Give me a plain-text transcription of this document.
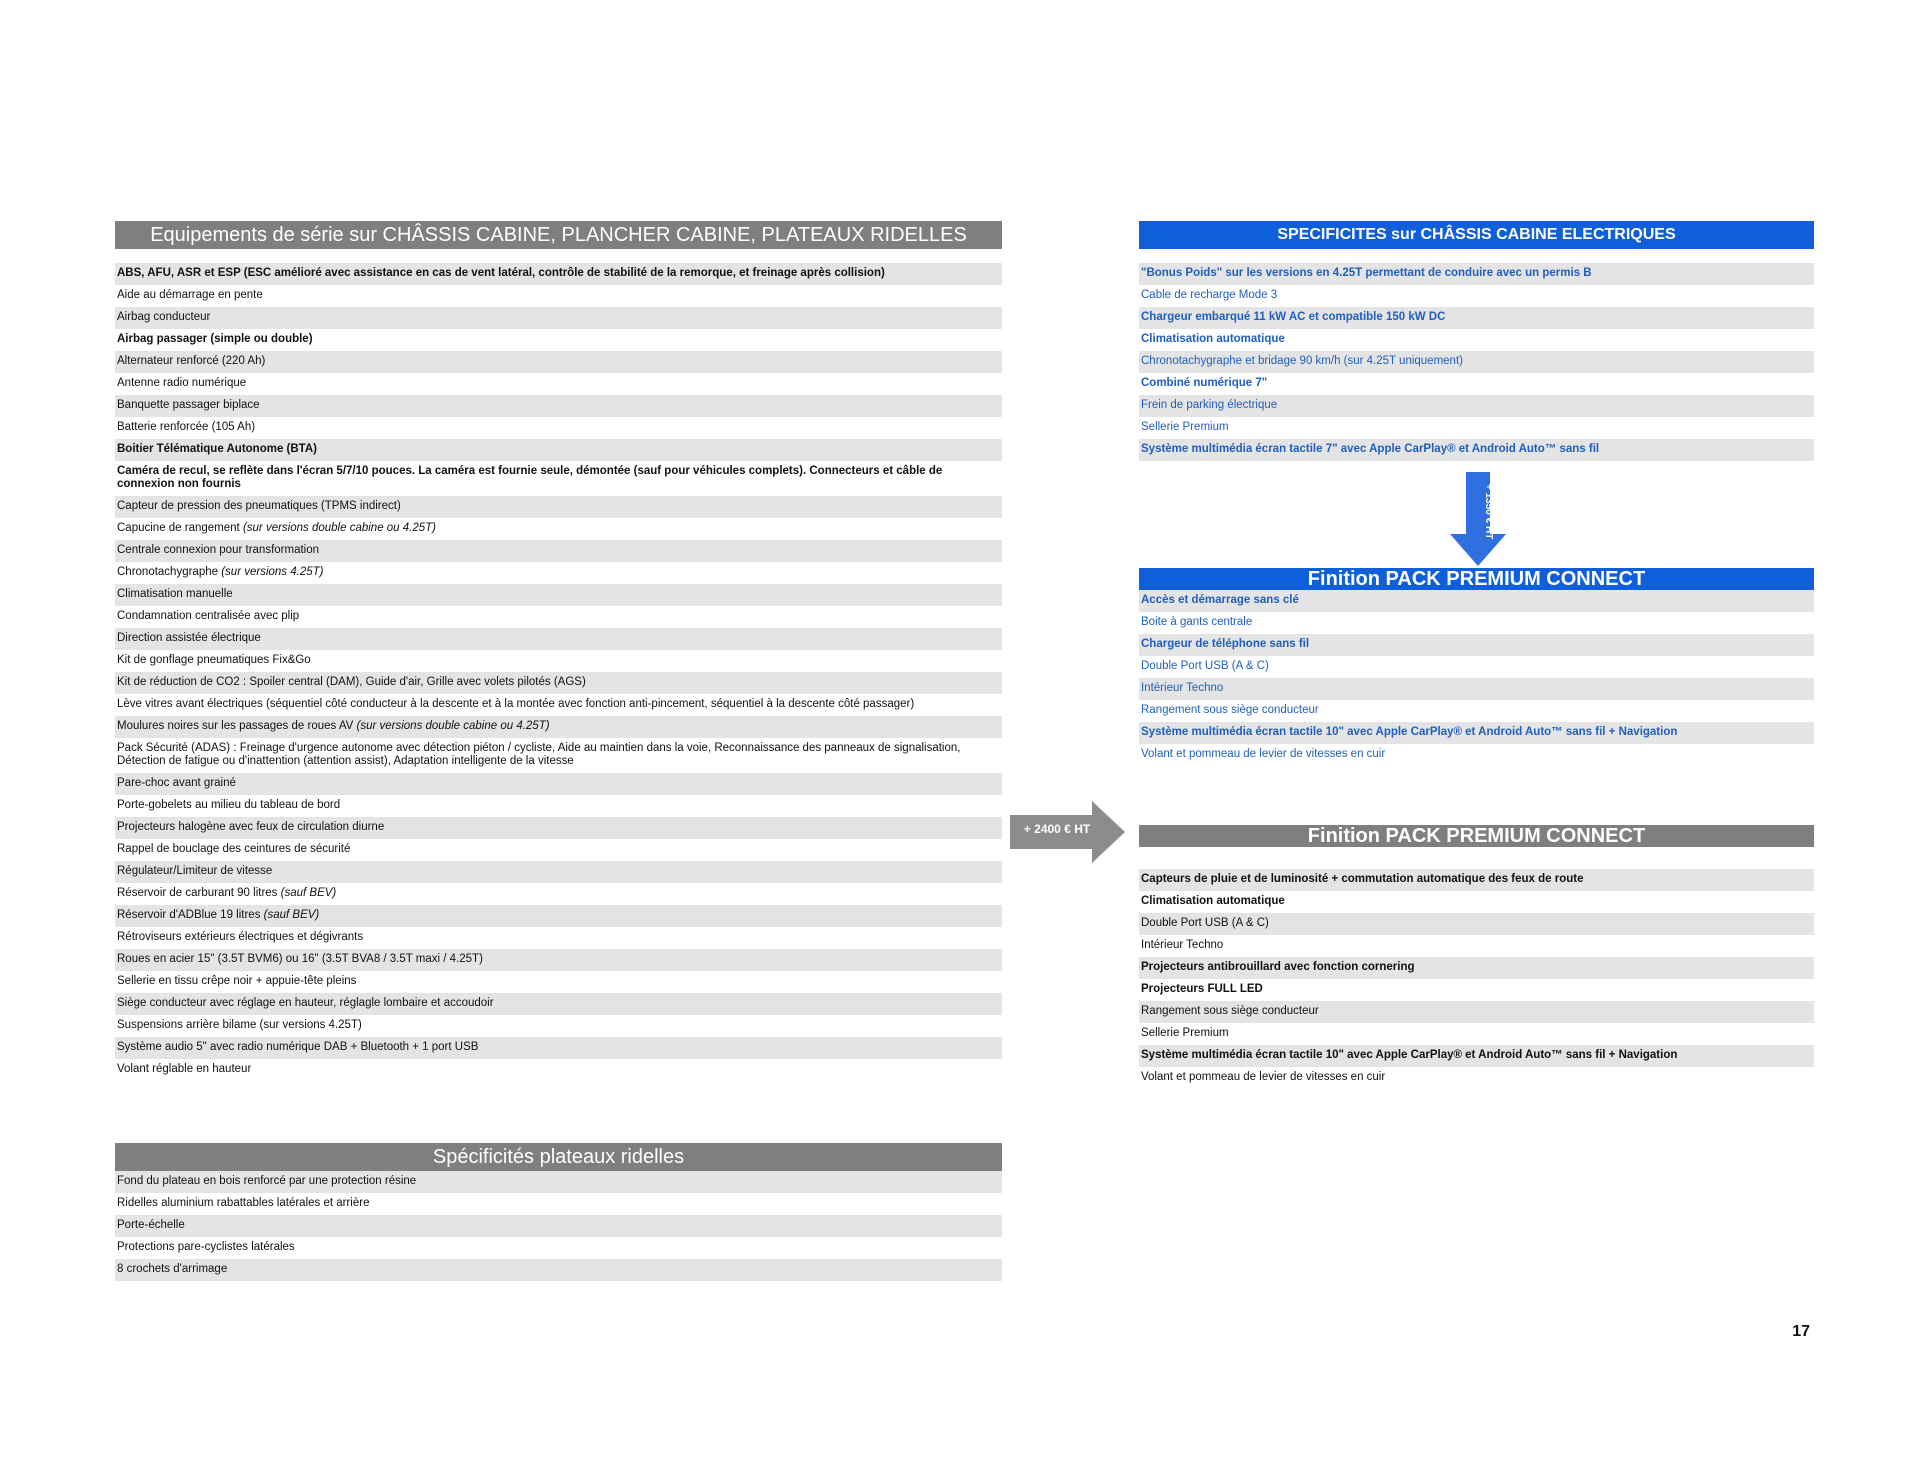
Equipements de série sur CHÂSSIS CABINE, PLANCHER CABINE, PLATEAUX RIDELLES
ABS, AFU, ASR et ESP (ESC amélioré avec assistance en cas de vent latéral, contrôle de stabilité de la remorque, et freinage après collision)
Aide au démarrage en pente
Airbag conducteur
Airbag passager (simple ou double)
Alternateur renforcé (220 Ah)
Antenne radio numérique
Banquette passager biplace
Batterie renforcée (105 Ah)
Boitier Télématique Autonome (BTA)
Caméra de recul, se reflète dans l'écran 5/7/10 pouces. La caméra est fournie seule, démontée (sauf pour véhicules complets). Connecteurs et câble de connexion non fournis
Capteur de pression des pneumatiques (TPMS indirect)
Capucine de rangement (sur versions double cabine ou 4.25T)
Centrale connexion pour transformation
Chronotachygraphe (sur versions 4.25T)
Climatisation manuelle
Condamnation centralisée avec plip
Direction assistée électrique
Kit de gonflage pneumatiques Fix&Go
Kit de réduction de CO2 : Spoiler central (DAM), Guide d'air, Grille avec volets pilotés (AGS)
Lève vitres avant électriques (séquentiel côté conducteur à la descente et à la montée avec fonction anti-pincement, séquentiel à la descente côté passager)
Moulures noires sur les passages de roues AV (sur versions double cabine ou 4.25T)
Pack Sécurité (ADAS) : Freinage d'urgence autonome avec détection piéton / cycliste, Aide au maintien dans la voie, Reconnaissance des panneaux de signalisation, Détection de fatigue ou d'inattention (attention assist), Adaptation intelligente de la vitesse
Pare-choc avant grainé
Porte-gobelets au milieu du tableau de bord
Projecteurs halogène avec feux de circulation diurne
Rappel de bouclage des ceintures de sécurité
Régulateur/Limiteur de vitesse
Réservoir de carburant 90 litres (sauf BEV)
Réservoir d'ADBlue 19 litres (sauf BEV)
Rétroviseurs extérieurs électriques et dégivrants
Roues en acier 15" (3.5T BVM6) ou 16" (3.5T BVA8 / 3.5T maxi / 4.25T)
Sellerie en tissu crêpe noir + appuie-tête pleins
Siège conducteur avec réglage en hauteur, réglagle lombaire et accoudoir
Suspensions arrière bilame (sur versions 4.25T)
Système audio 5" avec radio numérique DAB + Bluetooth + 1 port USB
Volant réglable en hauteur
Spécificités plateaux ridelles
Fond du plateau en bois renforcé par une protection résine
Ridelles aluminium rabattables latérales et arrière
Porte-échelle
Protections pare-cyclistes latérales
8 crochets d'arrimage
SPECIFICITES sur CHÂSSIS CABINE ELECTRIQUES
"Bonus Poids" sur les versions en 4.25T permettant de conduire avec un permis B
Cable de recharge Mode 3
Chargeur embarqué 11 kW AC et compatible 150 kW DC
Climatisation automatique
Chronotachygraphe et bridage 90 km/h (sur 4.25T uniquement)
Combiné numérique 7"
Frein de parking électrique
Sellerie Premium
Système multimédia écran tactile 7" avec Apple CarPlay® et Android Auto™ sans fil
+ 1350 € HT
Finition PACK PREMIUM CONNECT
Accès et démarrage sans clé
Boite à gants centrale
Chargeur de téléphone sans fil
Double Port USB (A & C)
Intérieur Techno
Rangement sous siège conducteur
Système multimédia écran tactile 10" avec Apple CarPlay® et Android Auto™ sans fil + Navigation
Volant et pommeau de levier de vitesses en cuir
+ 2400 € HT	Finition PACK PREMIUM CONNECT
Capteurs de pluie et de luminosité + commutation automatique des feux de route
Climatisation automatique
Double Port USB (A & C)
Intérieur Techno
Projecteurs antibrouillard avec fonction cornering
Projecteurs FULL LED
Rangement sous siège conducteur
Sellerie Premium
Système multimédia écran tactile 10" avec Apple CarPlay® et Android Auto™ sans fil + Navigation
Volant et pommeau de levier de vitesses en cuir
17
